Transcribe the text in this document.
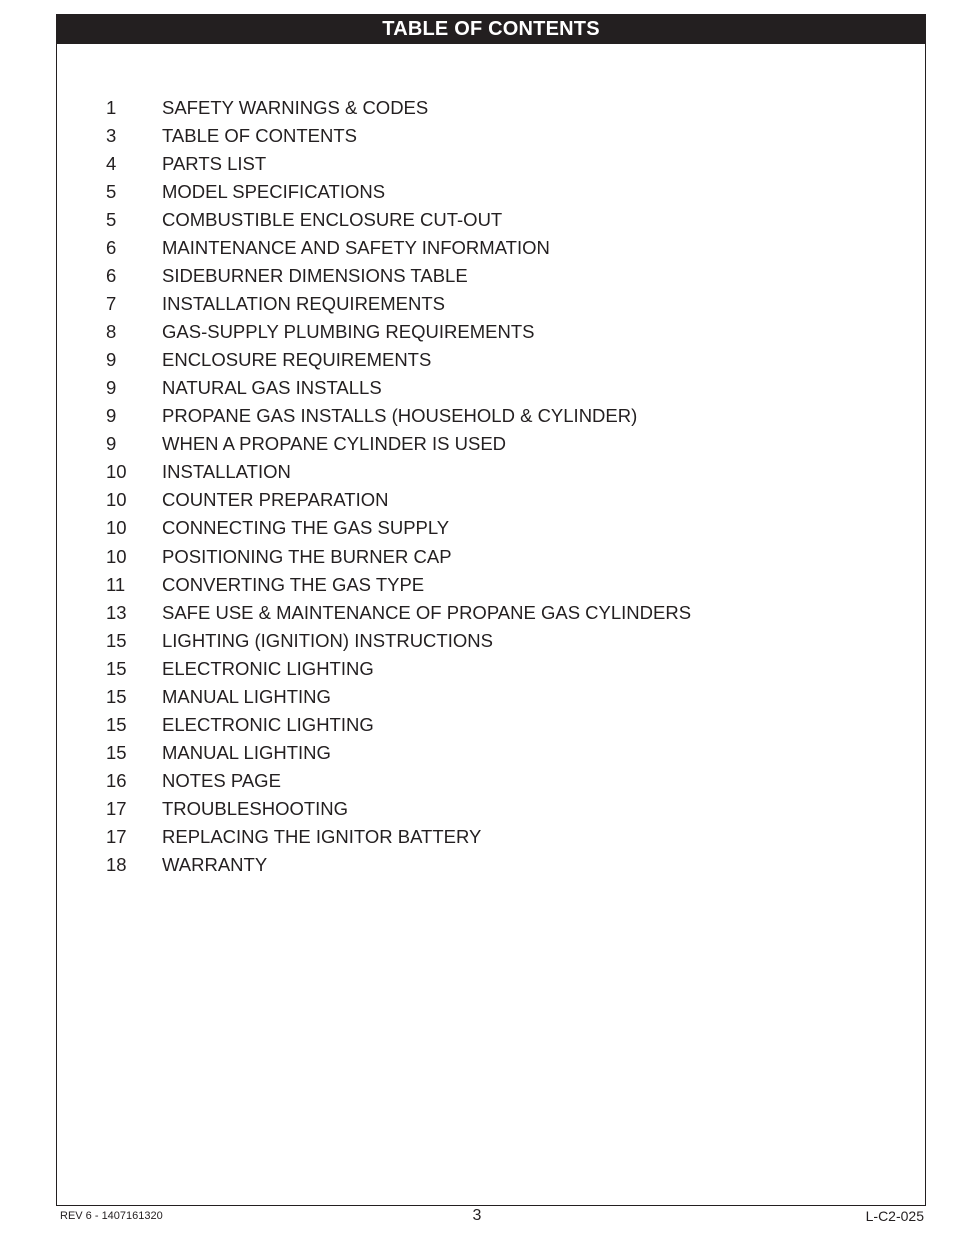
TABLE OF CONTENTS
1	SAFETY WARNINGS & CODES
3	TABLE OF CONTENTS
4	PARTS LIST
5	MODEL SPECIFICATIONS
5	COMBUSTIBLE ENCLOSURE CUT-OUT
6	MAINTENANCE AND SAFETY INFORMATION
6	SIDEBURNER DIMENSIONS TABLE
7	INSTALLATION REQUIREMENTS
8	GAS-SUPPLY PLUMBING REQUIREMENTS
9	ENCLOSURE REQUIREMENTS
9	NATURAL GAS INSTALLS
9	PROPANE GAS INSTALLS (HOUSEHOLD & CYLINDER)
9	WHEN A PROPANE CYLINDER IS USED
10	INSTALLATION
10	COUNTER PREPARATION
10	CONNECTING THE GAS SUPPLY
10	POSITIONING THE BURNER CAP
11	CONVERTING THE GAS TYPE
13	SAFE USE & MAINTENANCE OF PROPANE GAS CYLINDERS
15	LIGHTING (IGNITION) INSTRUCTIONS
15	ELECTRONIC LIGHTING
15	MANUAL LIGHTING
15	ELECTRONIC LIGHTING
15	MANUAL LIGHTING
16	NOTES PAGE
17	TROUBLESHOOTING
17	REPLACING THE IGNITOR BATTERY
18	WARRANTY
REV 6 - 1407161320	3	L-C2-025
